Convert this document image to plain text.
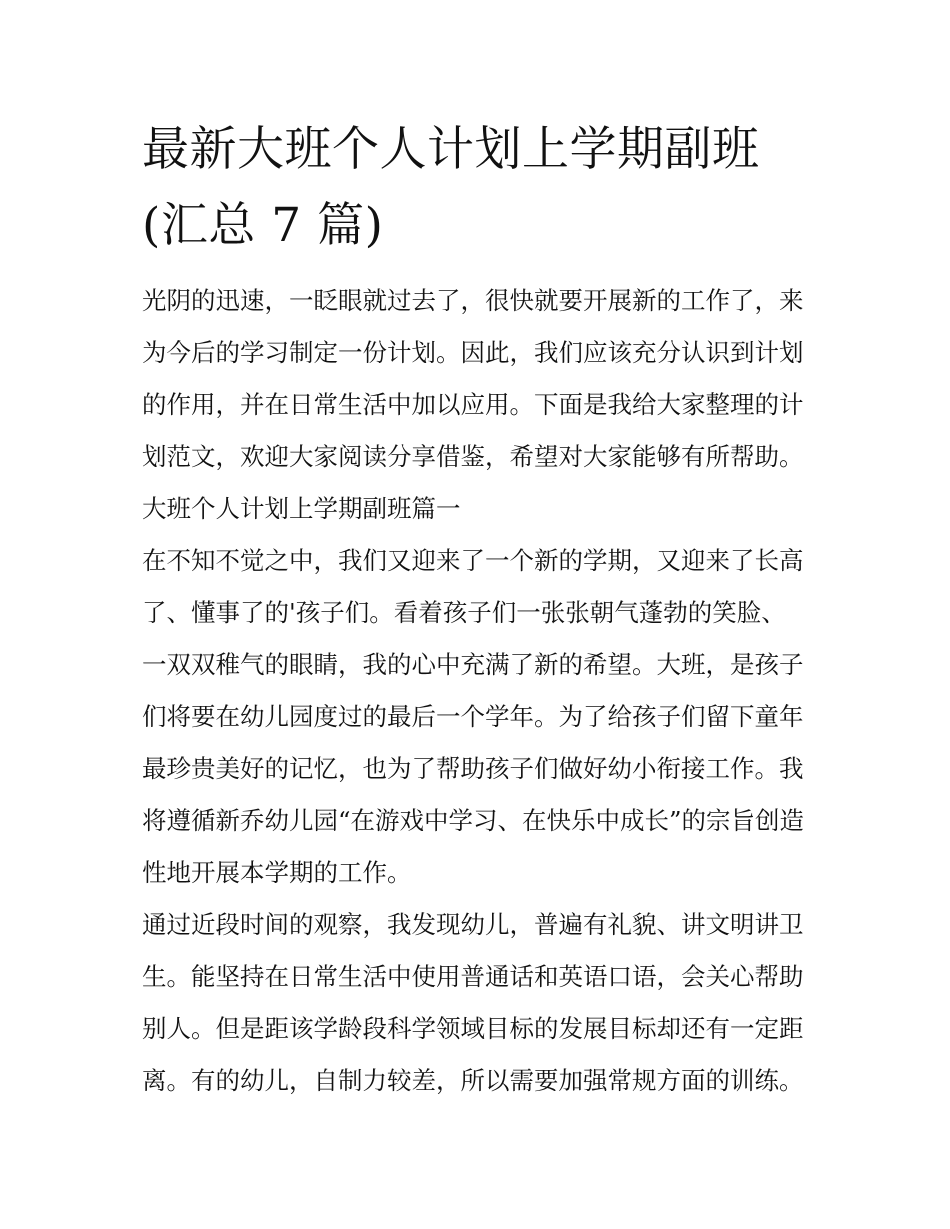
最新大班个人计划上学期副班
(汇总 7 篇)
光阴的迅速，一眨眼就过去了，很快就要开展新的工作了，来
为今后的学习制定一份计划。因此，我们应该充分认识到计划
的作用，并在日常生活中加以应用。下面是我给大家整理的计
划范文，欢迎大家阅读分享借鉴，希望对大家能够有所帮助。
大班个人计划上学期副班篇一
在不知不觉之中，我们又迎来了一个新的学期，又迎来了长高
了、懂事了的'孩子们。看着孩子们一张张朝气蓬勃的笑脸、
一双双稚气的眼睛，我的心中充满了新的希望。大班，是孩子
们将要在幼儿园度过的最后一个学年。为了给孩子们留下童年
最珍贵美好的记忆，也为了帮助孩子们做好幼小衔接工作。我
将遵循新乔幼儿园“在游戏中学习、在快乐中成长”的宗旨创造
性地开展本学期的工作。
通过近段时间的观察，我发现幼儿，普遍有礼貌、讲文明讲卫
生。能坚持在日常生活中使用普通话和英语口语，会关心帮助
别人。但是距该学龄段科学领域目标的发展目标却还有一定距
离。有的幼儿，自制力较差，所以需要加强常规方面的训练。
